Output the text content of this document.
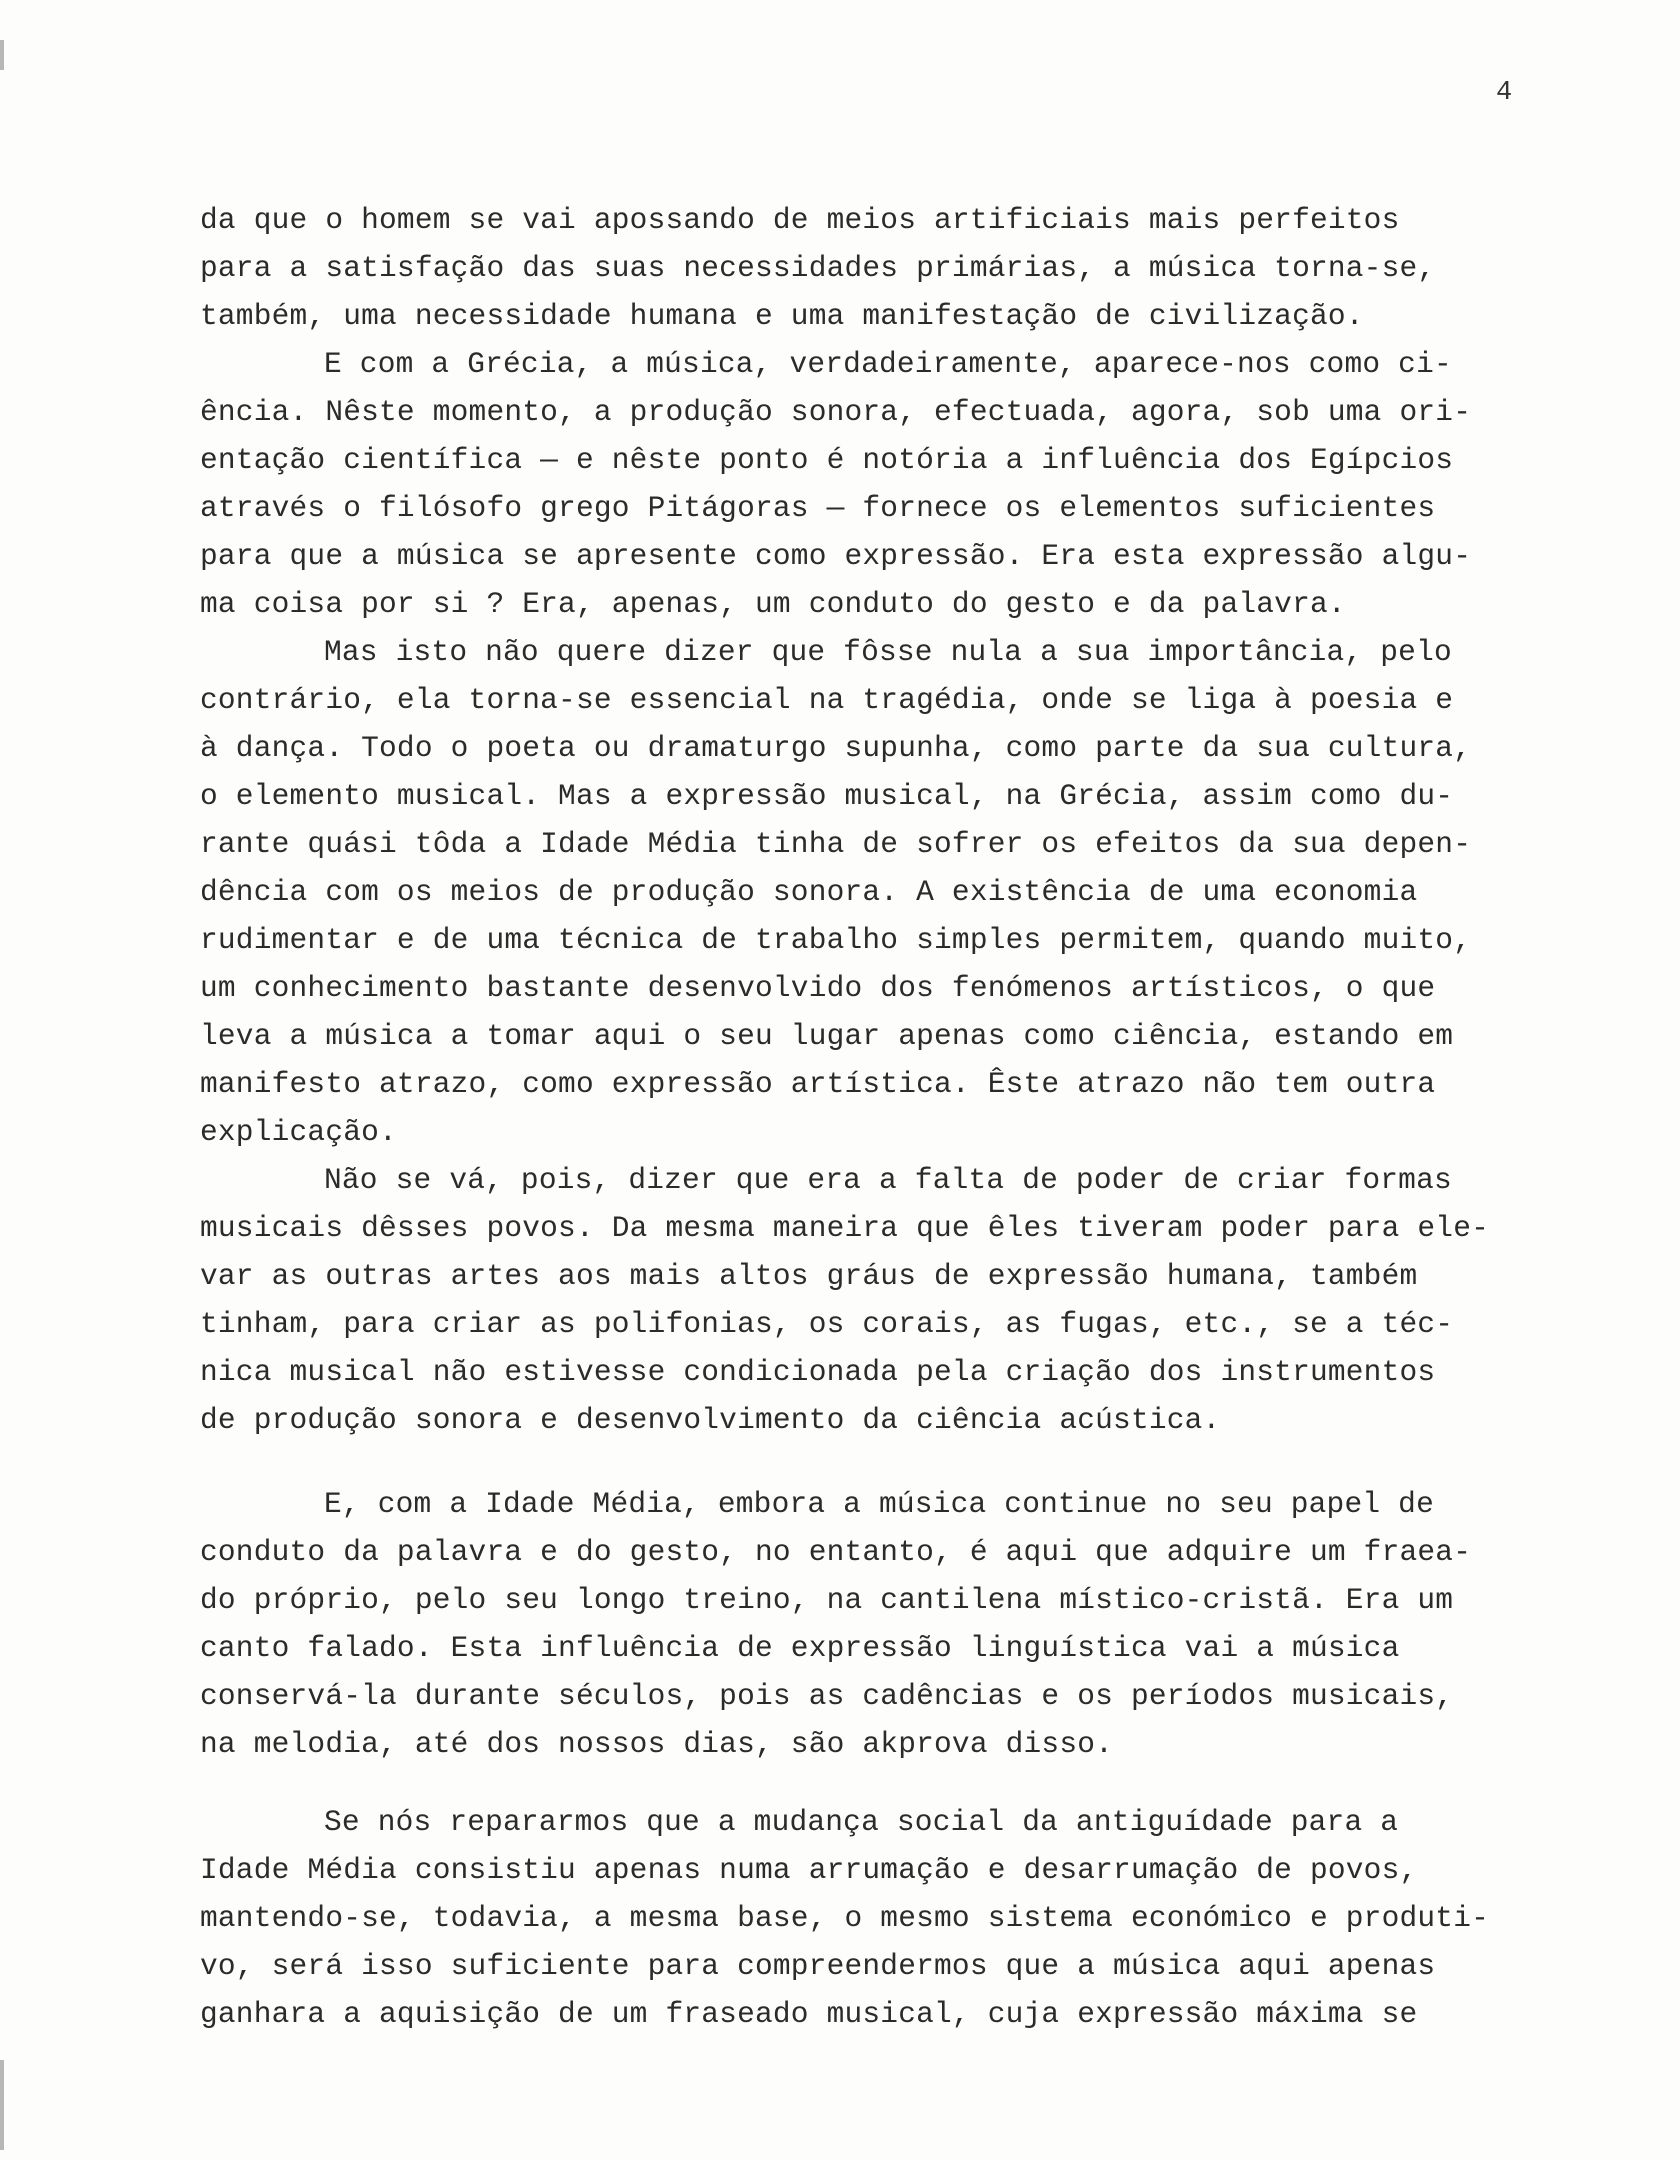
4
da que o homem se vai apossando de meios artificiais mais perfeitos
para a satisfação das suas necessidades primárias, a música torna-se,
também, uma necessidade humana e uma manifestação de civilização.
E com a Grécia, a música, verdadeiramente, aparece-nos como ci-
ência. Nêste momento, a produção sonora, efectuada, agora, sob uma ori-
entação científica — e nêste ponto é notória a influência dos Egípcios
através o filósofo grego Pitágoras — fornece os elementos suficientes
para que a música se apresente como expressão. Era esta expressão algu-
ma coisa por si ? Era, apenas, um conduto do gesto e da palavra.
Mas isto não quere dizer que fôsse nula a sua importância, pelo
contrário, ela torna-se essencial na tragédia, onde se liga à poesia e
à dança. Todo o poeta ou dramaturgo supunha, como parte da sua cultura,
o elemento musical. Mas a expressão musical, na Grécia, assim como du-
rante quási tôda a Idade Média tinha de sofrer os efeitos da sua depen-
dência com os meios de produção sonora. A existência de uma economia
rudimentar e de uma técnica de trabalho simples permitem, quando muito,
um conhecimento bastante desenvolvido dos fenómenos artísticos, o que
leva a música a tomar aqui o seu lugar apenas como ciência, estando em
manifesto atrazo, como expressão artística. Êste atrazo não tem outra
explicação.
Não se vá, pois, dizer que era a falta de poder de criar formas
musicais dêsses povos. Da mesma maneira que êles tiveram poder para ele-
var as outras artes aos mais altos gráus de expressão humana, também
tinham, para criar as polifonias, os corais, as fugas, etc., se a téc-
nica musical não estivesse condicionada pela criação dos instrumentos
de produção sonora e desenvolvimento da ciência acústica.
E, com a Idade Média, embora a música continue no seu papel de
conduto da palavra e do gesto, no entanto, é aqui que adquire um fraea-
do próprio, pelo seu longo treino, na cantilena místico-cristã. Era um
canto falado. Esta influência de expressão linguística vai a música
conservá-la durante séculos, pois as cadências e os períodos musicais,
na melodia, até dos nossos dias, são akprova disso.
Se nós repararmos que a mudança social da antiguídade para a
Idade Média consistiu apenas numa arrumação e desarrumação de povos,
mantendo-se, todavia, a mesma base, o mesmo sistema económico e produti-
vo, será isso suficiente para compreendermos que a música aqui apenas
ganhara a aquisição de um fraseado musical, cuja expressão máxima se
